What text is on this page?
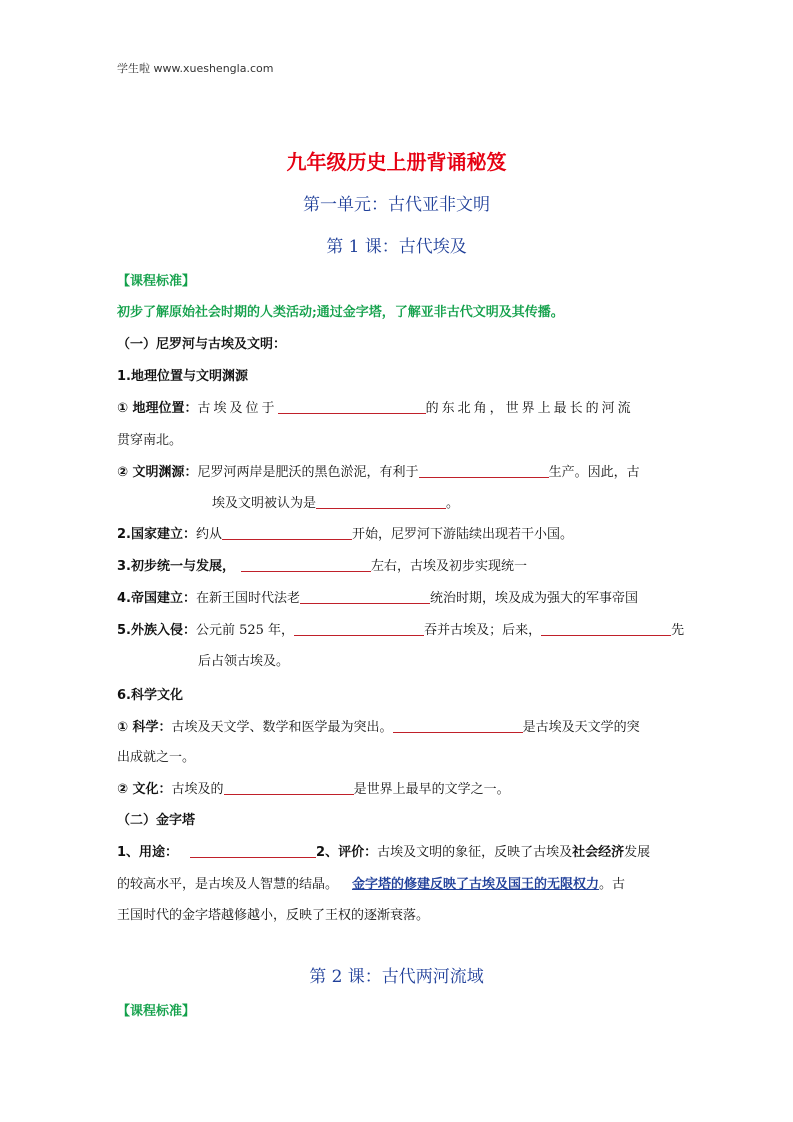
学生啦 www.xueshengla.com
九年级历史上册背诵秘笈
第一单元：古代亚非文明
第 1 课：古代埃及
【课程标准】
初步了解原始社会时期的人类活动;通过金字塔，了解亚非古代文明及其传播。
（一）尼罗河与古埃及文明：
1.地理位置与文明渊源
① 地理位置：古埃及位于	的东北角，世界上最长的河流
贯穿南北。
② 文明渊源：尼罗河两岸是肥沃的黑色淤泥，有利于	生产。因此，古
埃及文明被认为是	。
2.国家建立：约从	开始，尼罗河下游陆续出现若干小国。
3.初步统一与发展，	左右，古埃及初步实现统一
4.帝国建立：在新王国时代法老	统治时期，埃及成为强大的军事帝国
5.外族入侵：公元前 525 年，	吞并古埃及；后来，	先
后占领古埃及。
6.科学文化
① 科学：古埃及天文学、数学和医学最为突出。	是古埃及天文学的突
出成就之一。
② 文化：古埃及的	是世界上最早的文学之一。
（二）金字塔
1、用途：	2、评价：古埃及文明的象征，反映了古埃及社会经济发展
的较高水平，是古埃及人智慧的结晶。 金字塔的修建反映了古埃及国王的无限权力。古
王国时代的金字塔越修越小，反映了王权的逐渐衰落。
第 2 课：古代两河流域
【课程标准】
